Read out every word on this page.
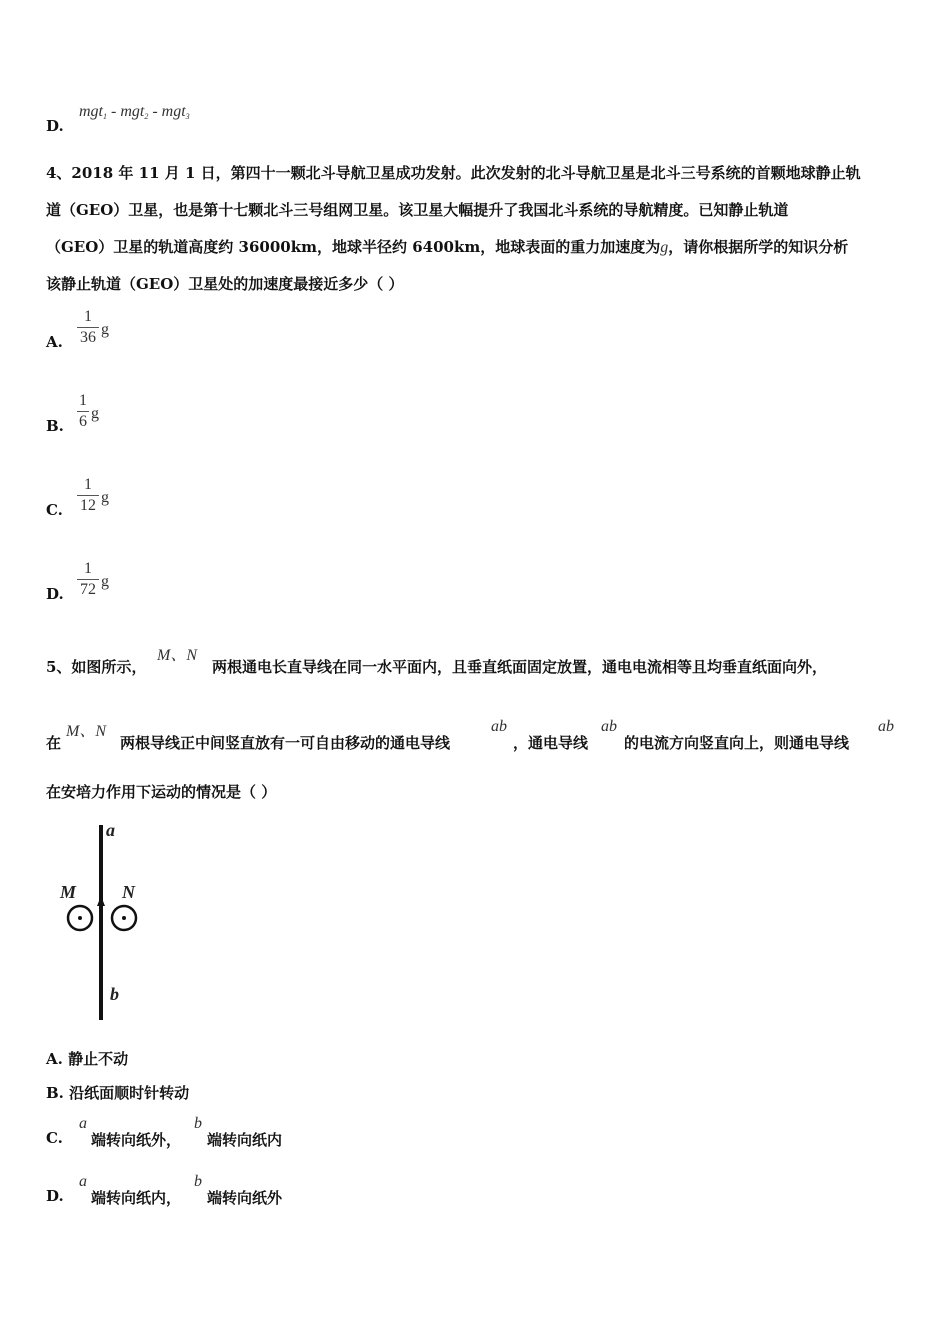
D.
mgt$_1$ - mgt$_2$ - mgt$_3$
4、2018 年 11 月 1 日，第四十一颗北斗导航卫星成功发射。此次发射的北斗导航卫星是北斗三号系统的首颗地球静止轨
道（GEO）卫星，也是第十七颗北斗三号组网卫星。该卫星大幅提升了我国北斗系统的导航精度。已知静止轨道
（GEO）卫星的轨道高度约 36000km，地球半径约 6400km，地球表面的重力加速度为g，请你根据所学的知识分析
该静止轨道（GEO）卫星处的加速度最接近多少（ ）
A.
1
36 g
B.
1
6 g
C.
1
12 g
D.
1
72 g
5、如图所示，
M、N
两根通电长直导线在同一水平面内，且垂直纸面固定放置，通电电流相等且均垂直纸面向外，
在
M、N
两根导线正中间竖直放有一可自由移动的通电导线
ab
，通电导线
ab
的电流方向竖直向上，则通电导线
ab
在安培力作用下运动的情况是（ ）
a
b
M	N
A. 静止不动
B. 沿纸面顺时针转动
C.
a
端转向纸外，
b
端转向纸内
D.
a
端转向纸内，
b
端转向纸外
